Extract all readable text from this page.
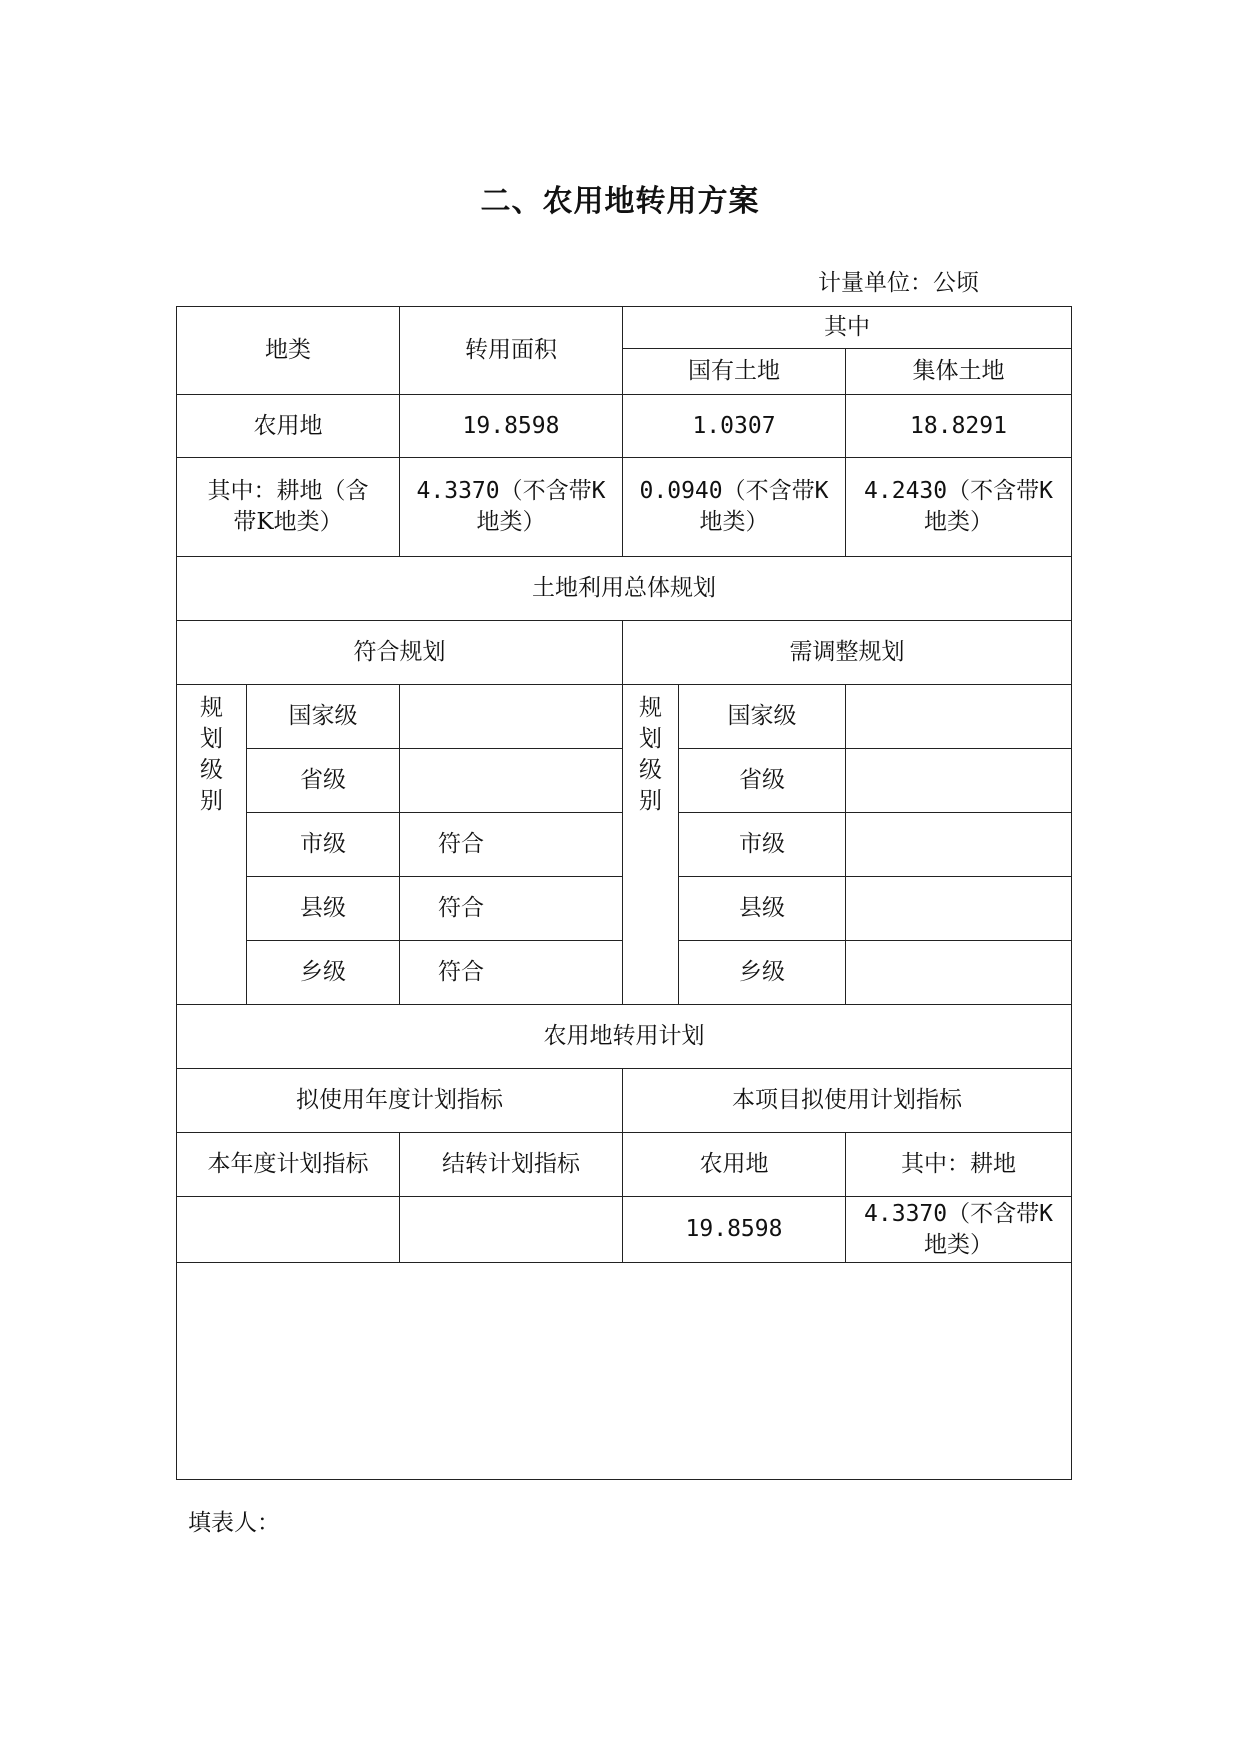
二、农用地转用方案
计量单位：公顷
地类		转用面积	其中		
			国有土地		集体土地
农用地		19.8598	1.0307		18.8291
其中：耕地（含带K地类）		4.3370（不含带K地类）	0.0940（不含带K地类）		4.2430（不含带K地类）
土地利用总体规划					
符合规划			需调整规划		

规划级别	国家级		规划级别	国家级	
	省级			省级	
	市级	符合		市级	
	县级	符合		县级	
	乡级	符合		乡级	
农用地转用计划					
拟使用年度计划指标			本项目拟使用计划指标		
本年度计划指标		结转计划指标	农用地		其中：耕地
			19.8598		4.3370（不含带K地类）

填表人：
